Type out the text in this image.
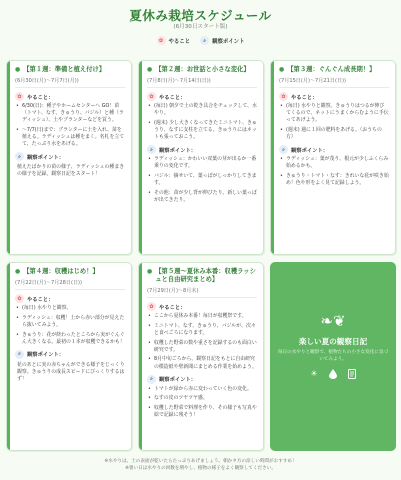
夏休み栽培スケジュール
(6月30日スタート版)
✿	やること	⌕	観察ポイント
● 【第１週：準備と植え付け】
(6月30日(月)〜7月7日(月))
✿	やること：
• 6/30(日)：種子やホームセンターへ GO！苗（トマト、なす、きゅうり、バジル）と種（ラディッシュ）、土やプランターなどを買う。
• 〜7/7(日)まで：プランターに土を入れ、苗を植える。ラディッシュは種をまく。名札を立てて、たっぷり水をあげる。
⌕	観察ポイント：
植えたばかりの苗の様子、ラディッシュの種まきの様子を記録。観察日記をスタート！
● 【第２週：お世話と小さな変化】
(7月8日(月)〜7月14日(日))
✿	やること：
• (毎日) 朝夕で土の乾き具合をチェックして、水やり。
• (週末) 少し大きくなってきたミニトマト、きゅうり、なすに支柱を立てる。きゅうりにはネットも張っておこう。
⌕	観察ポイント：
• ラディッシュ：かわいい双葉の芽が出るか一番乗りの変化です。
• バジル：摘せいて、葉っぱがしっかりしてきます。
• その他：苗が少し背が伸びたり、新しい葉っぱが出てきたり。
● 【第３週：ぐんぐん成長期！】
(7月15日(月)〜7月21日(日))
✿	やること：
• (毎日) 水やりと観察。きゅうりはつるが伸びてくるので、ネットにうまくからむように手伝ってあげよう。
• (週末) 週に１回の肥料をあげる。（おうちの方）
⌕	観察ポイント：
• ラディッシュ：葉が茂り、根元が少しふくらみ始めるかも。
• きゅうり・トマト・なす：きれいな花が咲き始め！色や形をよく見て記録しよう。
● 【第４週：収穫はじめ！】
(7月22日(月)〜7月28日(日))
✿	やること：
• (毎日) 水やりと観察。
• ラディッシュ：収穫！土から赤い部分が見えたら抜いてみよう。
• きゅうり：花が終わったところから実がぐんぐん大きくなる。最初の１本が収穫できるかも！
⌕	観察ポイント：
花のあとに実の赤ちゃんができる様子をじっくり観察。きゅうりの成長スピードにびっくりするはず！
● 【第５週〜夏休み本番：収穫ラッシュと自由研究まとめ】
(7月29日(月)〜8月末)
✿	やること：
• ここから夏休み本番！毎日が収穫祭です。
• ミニトマト、なす、きゅうり、バジルが、次々と食べごろになります。
• 収穫した野菜の数や重さを記録するのも面白い研究です。
• 8月中旬ごろから、観察日記をもとに自由研究の模造紙や壁新聞にまとめる作業を始めよう。
⌕	観察ポイント：
• トマトが緑から赤に変わっていく色の変化。
• なすの皮のツヤツヤ感。
• 収穫した野菜で料理を作り、その様子も写真や絵で記録に残そう！
❧❦
楽しい夏の観察日記
毎日の水やりと観察で、植物たちの小さな変化に気づいてみよう。
☀
※水やりは、土の表面が乾いたらたっぷりあげましょう。朝かタ方の涼しい時間がおすすめ！
※暑い日は水やりの回数を増やし、植物の様子をよく観察してください。
